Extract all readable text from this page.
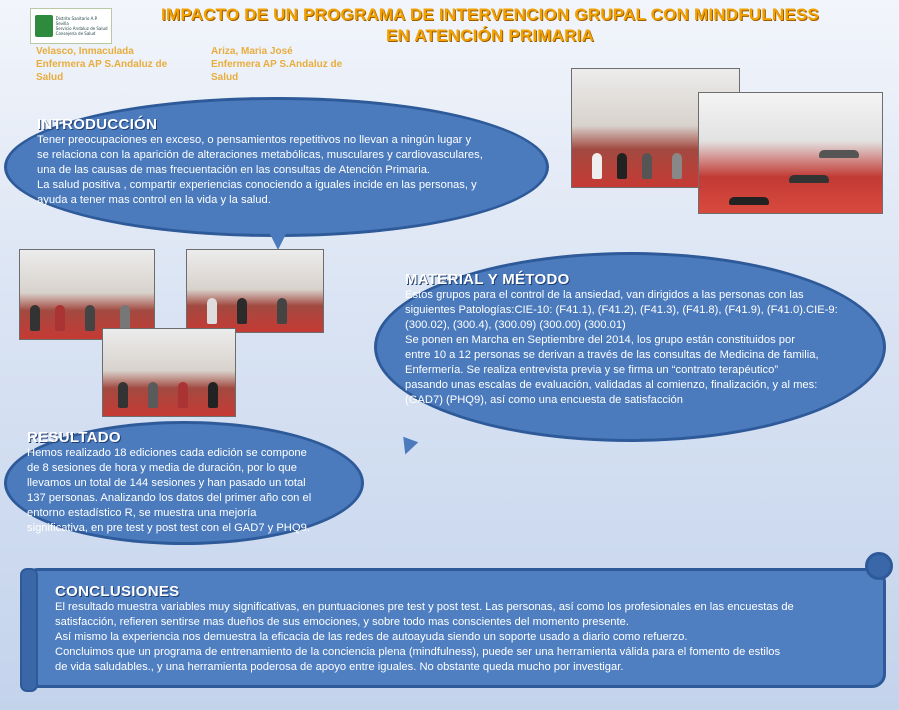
Distrito Sanitario A.P. Sevilla
Servicio Andaluz de Salud
Consejería de Salud
IMPACTO DE UN PROGRAMA DE INTERVENCION GRUPAL CON MINDFULNESS
EN ATENCIÓN PRIMARIA
Velasco, Inmaculada
Enfermera AP S.Andaluz de
Salud
Ariza, Maria José
Enfermera AP S.Andaluz de
Salud
INTRODUCCIÓN

Tener preocupaciones en exceso, o pensamientos repetitivos no llevan a ningún lugar y

se relaciona con la aparición de alteraciones metabólicas, musculares y cardiovasculares,

una de las causas de mas frecuentación en las consultas de Atención Primaria.

La salud positiva , compartir experiencias conociendo a iguales incide en las personas, y

ayuda a tener mas control en la vida y la salud.

MATERIAL Y MÉTODO

Estos grupos para el control de la ansiedad, van dirigidos a las personas con las

siguientes Patologías:CIE-10: (F41.1), (F41.2), (F41.3), (F41.8), (F41.9), (F41.0).CIE-9:

(300.02), (300.4), (300.09) (300.00) (300.01)

Se ponen en Marcha en Septiembre del 2014, los grupo están constituidos por

entre 10 a 12 personas se derivan a través de las consultas de Medicina de familia,

Enfermería. Se realiza entrevista previa y se firma un “contrato terapéutico”

pasando unas escalas de evaluación, validadas al comienzo, finalización, y al mes:

(GAD7) (PHQ9), así como una encuesta de satisfacción

RESULTADO

Hemos realizado 18 ediciones cada edición se compone

de 8 sesiones de hora y media de duración, por lo que

llevamos un total de 144 sesiones y han pasado un total

137 personas. Analizando los datos del primer año con el

entorno estadístico R, se muestra una mejoría

significativa, en pre test y post test con el GAD7 y PHQ9.

CONCLUSIONES

El resultado muestra variables muy significativas, en puntuaciones pre test y post test. Las personas, así como los profesionales en las encuestas de

satisfacción, refieren sentirse mas dueños de sus emociones, y sobre todo mas conscientes del momento presente.

Así mismo la experiencia nos demuestra la eficacia de las redes de autoayuda siendo un soporte usado a diario como refuerzo.

Concluimos que un programa de entrenamiento de la conciencia plena (mindfulness), puede ser una herramienta válida para el fomento de estilos

de vida saludables., y una herramienta poderosa de apoyo entre iguales. No obstante queda mucho por investigar.
